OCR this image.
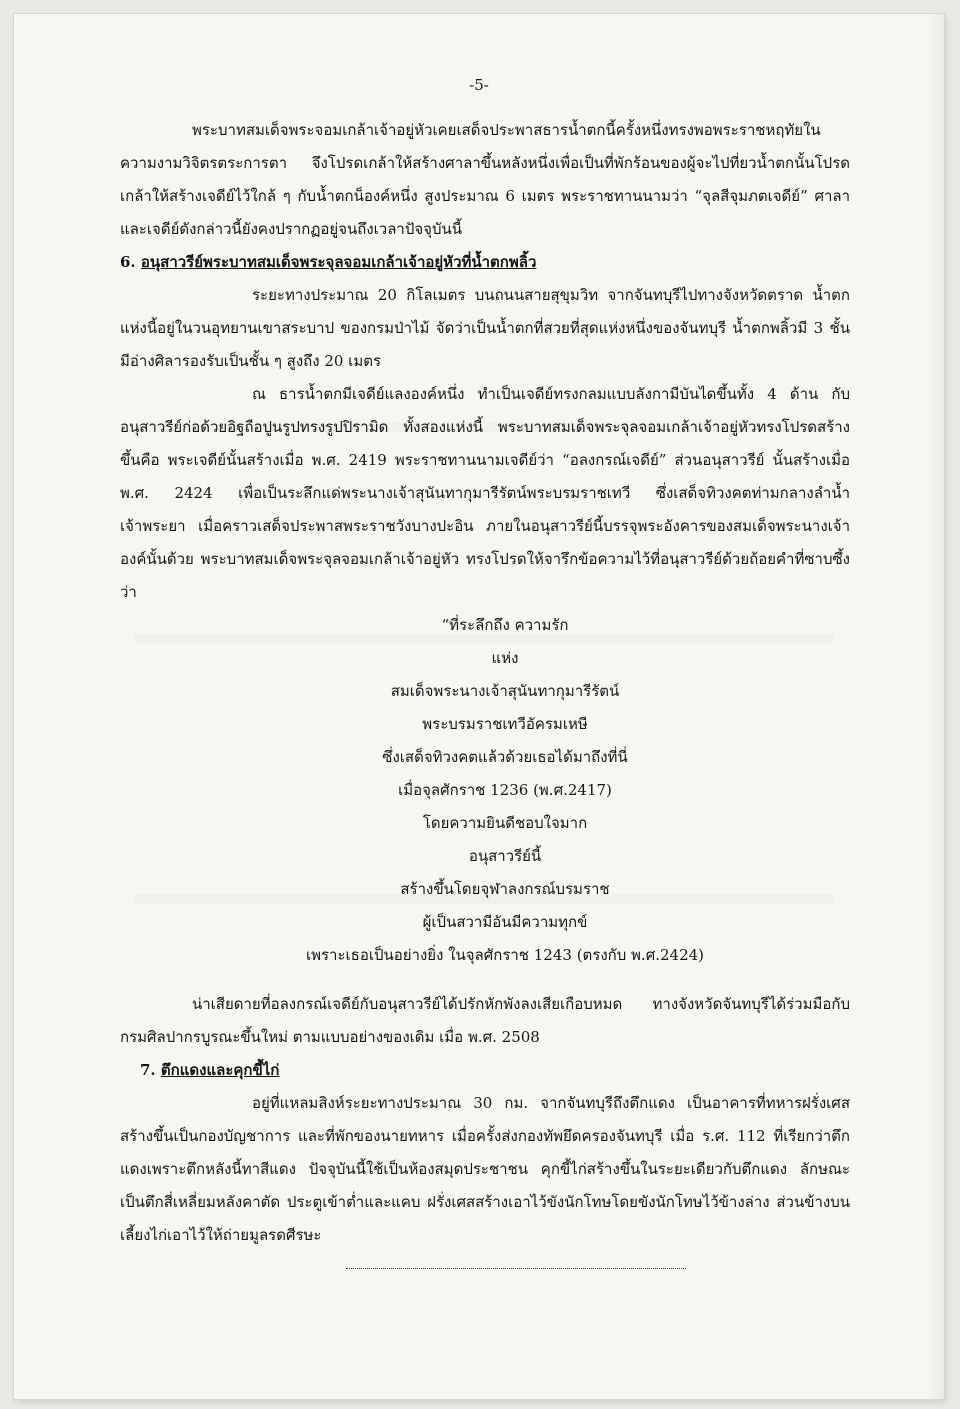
-5-

พระบาทสมเด็จพระจอมเกล้าเจ้าอยู่หัวเคยเสด็จประพาสธารน้ำตกนี้ครั้งหนึ่งทรงพอพระราชหฤทัยในความงามวิจิตรตระการตา จึงโปรดเกล้าให้สร้างศาลาขึ้นหลังหนึ่งเพื่อเป็นที่พักร้อนของผู้จะไปที่ยวน้ำตกนั้นโปรดเกล้าให้สร้างเจดีย์ไว้ใกล้ ๆ กับน้ำตกน็องค์หนึ่ง สูงประมาณ 6 เมตร พระราชทานนามว่า “จุลสีจุมภตเจดีย์” ศาลาและเจดีย์ดังกล่าวนี้ยังคงปรากฏอยู่จนถึงเวลาปัจจุบันนี้

6. อนุสาวรีย์พระบาทสมเด็จพระจุลจอมเกล้าเจ้าอยู่หัวที่น้ำตกพลิ้ว

ระยะทางประมาณ 20 กิโลเมตร บนถนนสายสุขุมวิท จากจันทบุรีไปทางจังหวัดตราด น้ำตกแห่งนี้อยู่ในวนอุทยานเขาสระบาป ของกรมป่าไม้ จัดว่าเป็นน้ำตกที่สวยที่สุดแห่งหนึ่งของจันทบุรี น้ำตกพลิ้วมี 3 ชั้น มีอ่างศิลารองรับเป็นชั้น ๆ สูงถึง 20 เมตร

ณ ธารน้ำตกมีเจดีย์แลงองค์หนึ่ง ทำเป็นเจดีย์ทรงกลมแบบลังกามีบันไดขึ้นทั้ง 4 ด้าน กับอนุสาวรีย์ก่อด้วยอิฐถือปูนรูปทรงรูปปิรามิด ทั้งสองแห่งนี้ พระบาทสมเด็จพระจุลจอมเกล้าเจ้าอยู่หัวทรงโปรดสร้างขึ้นคือ พระเจดีย์นั้นสร้างเมื่อ พ.ศ. 2419 พระราชทานนามเจดีย์ว่า “อลงกรณ์เจดีย์” ส่วนอนุสาวรีย์ นั้นสร้างเมื่อ พ.ศ. 2424 เพื่อเป็นระลึกแด่พระนางเจ้าสุนันทากุมารีรัตน์พระบรมราชเทวี ซึ่งเสด็จทิวงคตท่ามกลางลำน้ำเจ้าพระยา เมื่อคราวเสด็จประพาสพระราชวังบางปะอิน ภายในอนุสาวรีย์นี้บรรจุพระอังคารของสมเด็จพระนางเจ้าองค์นั้นด้วย พระบาทสมเด็จพระจุลจอมเกล้าเจ้าอยู่หัว ทรงโปรดให้จารึกข้อความไว้ที่อนุสาวรีย์ด้วยถ้อยคำที่ซาบซึ้งว่า

“ที่ระลึกถึง ความรัก
แห่ง
สมเด็จพระนางเจ้าสุนันทากุมารีรัตน์
พระบรมราชเทวีอัครมเหษี
ซึ่งเสด็จทิวงคตแล้วด้วยเธอได้มาถึงที่นี่
เมื่อจุลศักราช 1236 (พ.ศ.2417)
โดยความยินดีชอบใจมาก
อนุสาวรีย์นี้
สร้างขึ้นโดยจุฬาลงกรณ์บรมราช
ผู้เป็นสวามีอันมีความทุกข์
เพราะเธอเป็นอย่างยิ่ง ในจุลศักราช 1243 (ตรงกับ พ.ศ.2424)

น่าเสียดายที่อลงกรณ์เจดีย์กับอนุสาวรีย์ได้ปรักหักพังลงเสียเกือบหมด ทางจังหวัดจันทบุรีได้ร่วมมือกับกรมศิลปากรบูรณะขึ้นใหม่ ตามแบบอย่างของเดิม เมื่อ พ.ศ. 2508

7. ตึกแดงและคุกขี้ไก่

อยู่ที่แหลมสิงห์ระยะทางประมาณ 30 กม. จากจันทบุรีถึงตึกแดง เป็นอาคารที่ทหารฝรั่งเศสสร้างขึ้นเป็นกองบัญชาการ และที่พักของนายทหาร เมื่อครั้งส่งกองทัพยึดครองจันทบุรี เมื่อ ร.ศ. 112 ที่เรียกว่าตึกแดงเพราะตึกหลังนี้ทาสีแดง ปัจจุบันนี้ใช้เป็นห้องสมุดประชาชน คุกขี้ไก่สร้างขึ้นในระยะเดียวกับตึกแดง ลักษณะเป็นตึกสี่เหลี่ยมหลังคาตัด ประตูเข้าต่ำและแคบ ฝรั่งเศสสร้างเอาไว้ขังนักโทษโดยขังนักโทษไว้ข้างล่าง ส่วนข้างบนเลี้ยงไก่เอาไว้ให้ถ่ายมูลรดศีรษะ
